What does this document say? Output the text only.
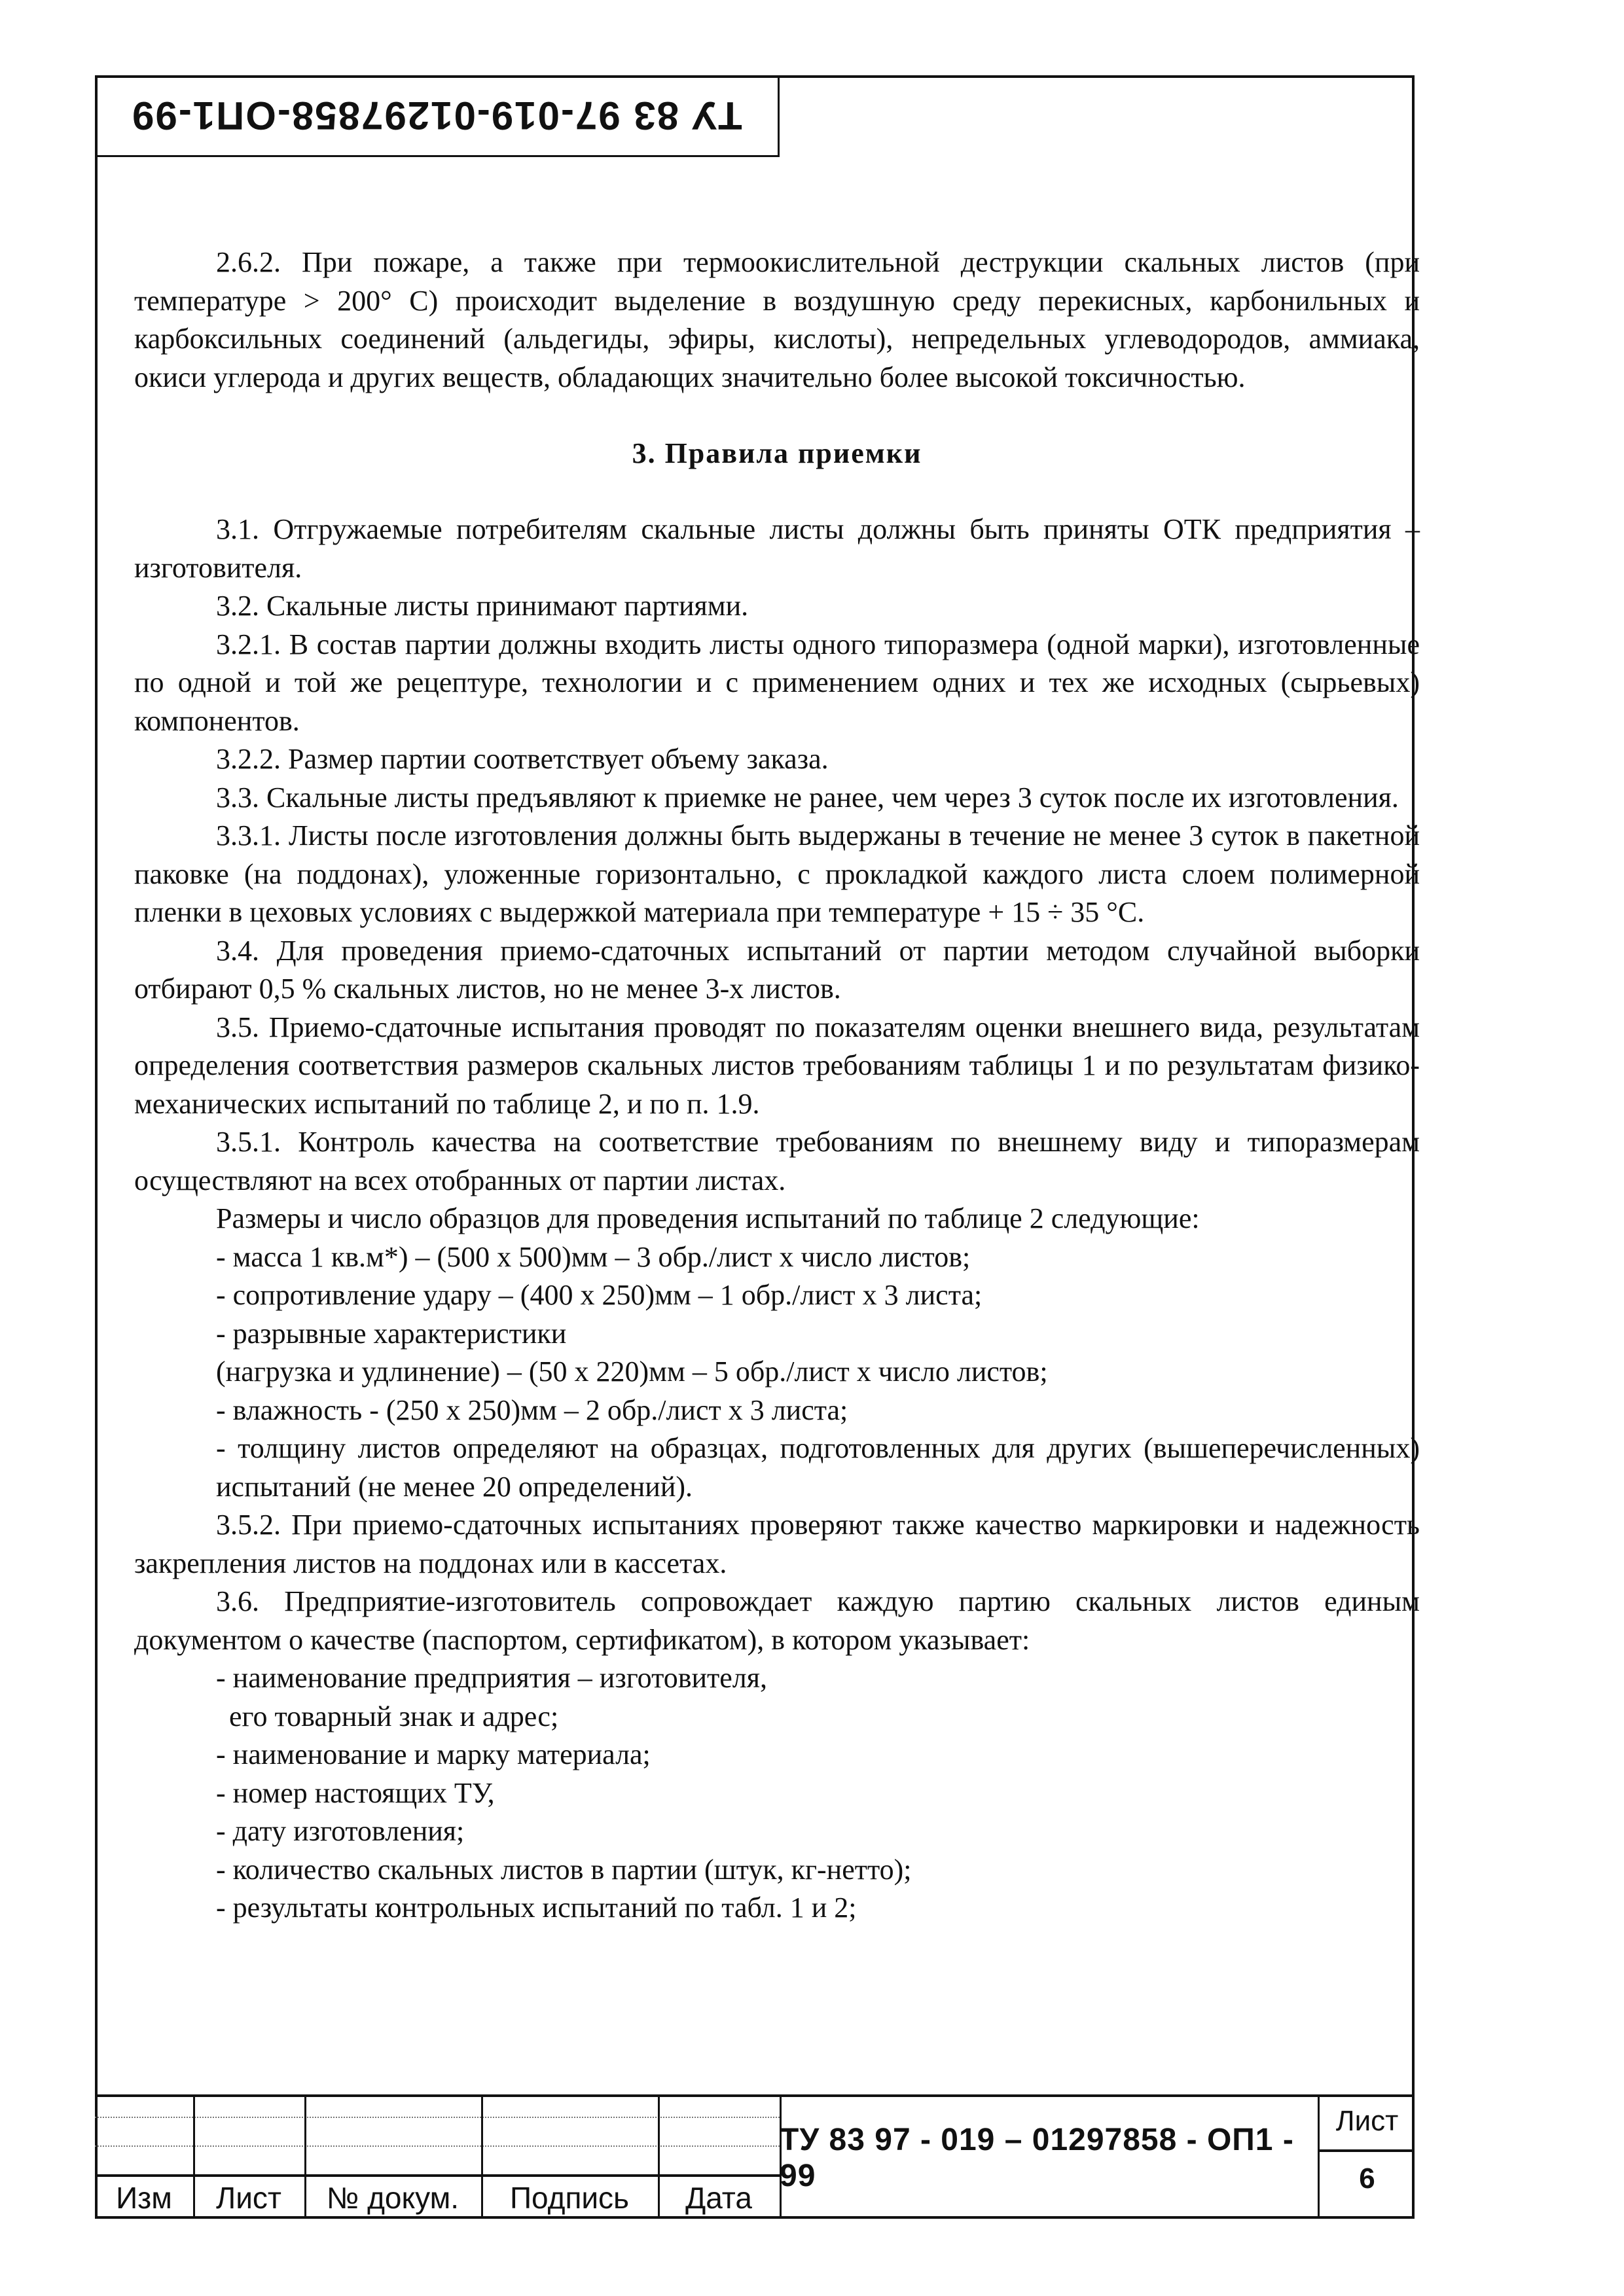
ТУ 83 97-019-01297858-ОП1-99

2.6.2. При пожаре, а также при термоокислительной деструкции скальных листов (при температуре > 200° С) происходит выделение в воздушную среду перекисных, карбонильных и карбоксильных соединений (альдегиды, эфиры, кислоты), непредельных углеводородов, аммиака, окиси углерода и других веществ, обладающих значительно более высокой токсичностью.

3. Правила приемки

3.1. Отгружаемые потребителям скальные листы должны быть приняты ОТК предприятия – изготовителя.

3.2. Скальные листы принимают партиями.

3.2.1. В состав партии должны входить листы одного типоразмера (одной марки), изготовленные по одной и той же рецептуре, технологии и с применением одних и тех же исходных (сырьевых) компонентов.

3.2.2. Размер партии соответствует объему заказа.

3.3. Скальные листы предъявляют к приемке не ранее, чем через 3 суток после их изготовления.

3.3.1. Листы после изготовления должны быть выдержаны в течение не менее 3 суток в пакетной паковке (на поддонах), уложенные горизонтально, с прокладкой каждого листа слоем полимерной пленки в цеховых условиях с выдержкой материала при температуре + 15 ÷ 35 °С.

3.4. Для проведения приемо-сдаточных испытаний от партии методом случайной выборки отбирают 0,5 % скальных листов, но не менее 3-х листов.

3.5. Приемо-сдаточные испытания проводят по показателям оценки внешнего вида, результатам определения соответствия размеров скальных листов требованиям таблицы 1 и по результатам физико-механических испытаний по таблице 2, и по п. 1.9.

3.5.1. Контроль качества на соответствие требованиям по внешнему виду и типоразмерам осуществляют на всех отобранных от партии листах.

Размеры и число образцов для проведения испытаний по таблице 2 следующие:

- масса 1 кв.м*) – (500 х 500)мм – 3 обр./лист х число листов;

- сопротивление удару – (400 х 250)мм – 1 обр./лист х 3 листа;

- разрывные характеристики

(нагрузка и удлинение) – (50 х 220)мм – 5 обр./лист х число листов;

- влажность - (250 х 250)мм – 2 обр./лист х 3 листа;

- толщину листов определяют на образцах, подготовленных для других (вышеперечисленных) испытаний (не менее 20 определений).

3.5.2. При приемо-сдаточных испытаниях проверяют также качество маркировки и надежность закрепления листов на поддонах или в кассетах.

3.6. Предприятие-изготовитель сопровождает каждую партию скальных листов единым документом о качестве (паспортом, сертификатом), в котором указывает:

- наименование предприятия – изготовителя,

его товарный знак и адрес;

- наименование и марку материала;

- номер настоящих ТУ,

- дату изготовления;

- количество скальных листов в партии (штук, кг-нетто);

- результаты контрольных испытаний по табл. 1 и 2;

Изм	Лист	№ докум.	Подпись	Дата
ТУ 83 97 - 019 – 01297858 - ОП1 - 99
Лист
6
